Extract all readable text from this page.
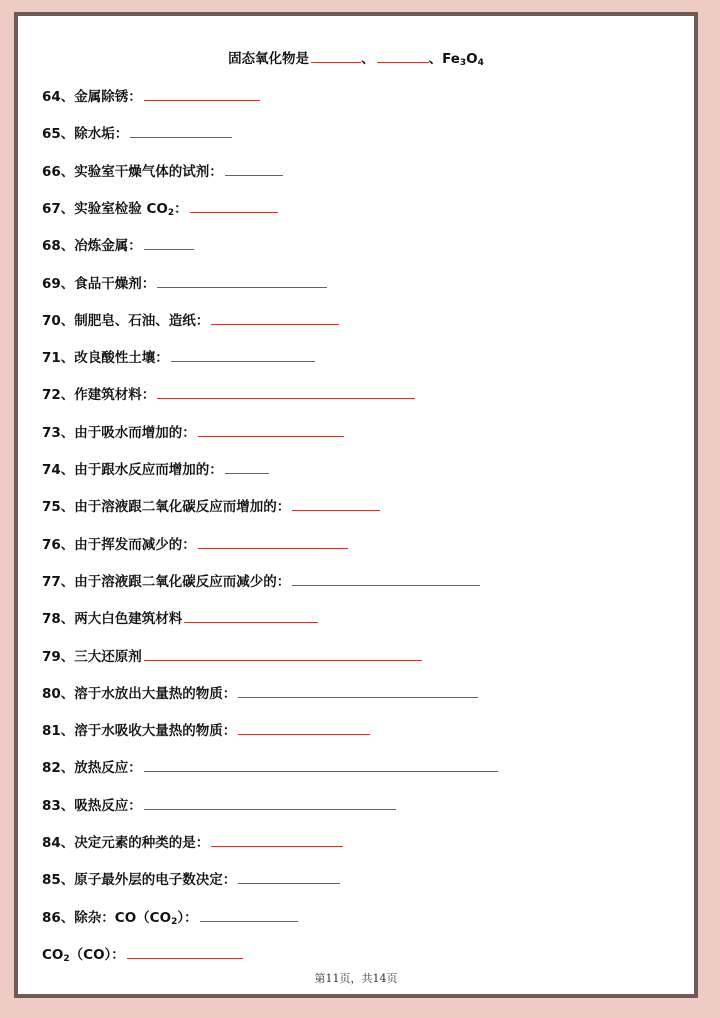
固态氧化物是	、	、$Fe_3O_4$
64、金属除锈：
65、除水垢：
66、实验室干燥气体的试剂：
67、实验室检验 $CO_2$：
68、冶炼金属：
69、食品干燥剂：
70、制肥皂、石油、造纸：
71、改良酸性土壤：
72、作建筑材料：
73、由于吸水而增加的：
74、由于跟水反应而增加的：
75、由于溶液跟二氧化碳反应而增加的：
76、由于挥发而减少的：
77、由于溶液跟二氧化碳反应而减少的：
78、两大白色建筑材料
79、三大还原剂
80、溶于水放出大量热的物质：
81、溶于水吸收大量热的物质：
82、放热反应：
83、吸热反应：
84、决定元素的种类的是：
85、原子最外层的电子数决定：
86、除杂：$CO(CO_2)$：
$CO_2(CO)$：
第11页，共14页
